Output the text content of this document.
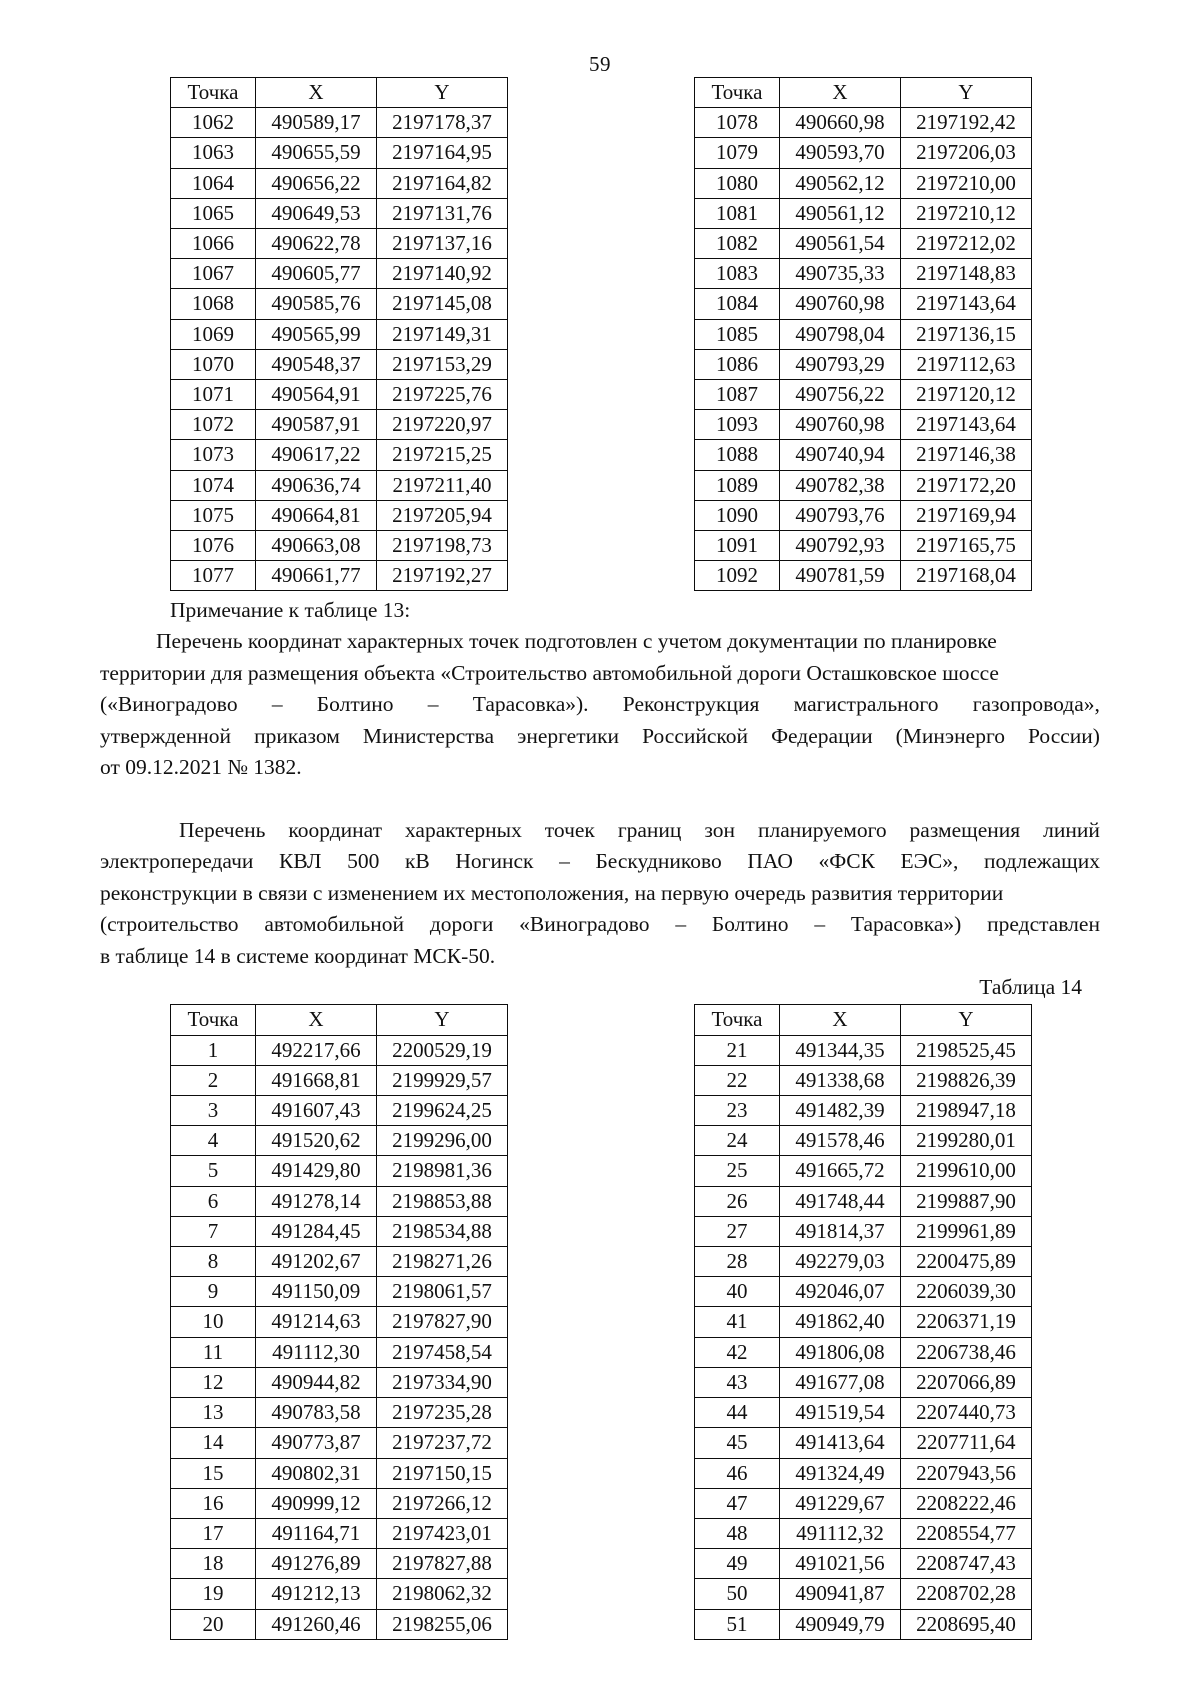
59
Точка	X	Y
1062	490589,17	2197178,37
1063	490655,59	2197164,95
1064	490656,22	2197164,82
1065	490649,53	2197131,76
1066	490622,78	2197137,16
1067	490605,77	2197140,92
1068	490585,76	2197145,08
1069	490565,99	2197149,31
1070	490548,37	2197153,29
1071	490564,91	2197225,76
1072	490587,91	2197220,97
1073	490617,22	2197215,25
1074	490636,74	2197211,40
1075	490664,81	2197205,94
1076	490663,08	2197198,73
1077	490661,77	2197192,27
Точка	X	Y
1078	490660,98	2197192,42
1079	490593,70	2197206,03
1080	490562,12	2197210,00
1081	490561,12	2197210,12
1082	490561,54	2197212,02
1083	490735,33	2197148,83
1084	490760,98	2197143,64
1085	490798,04	2197136,15
1086	490793,29	2197112,63
1087	490756,22	2197120,12
1093	490760,98	2197143,64
1088	490740,94	2197146,38
1089	490782,38	2197172,20
1090	490793,76	2197169,94
1091	490792,93	2197165,75
1092	490781,59	2197168,04
Примечание к таблице 13:
Перечень координат характерных точек подготовлен с учетом документации по планировке
территории для размещения объекта «Строительство автомобильной дороги Осташковское шоссе
(«Виноградово – Болтино – Тарасовка»). Реконструкция магистрального газопровода»,
утвержденной приказом Министерства энергетики Российской Федерации (Минэнерго России)
от 09.12.2021 № 1382.
Перечень координат характерных точек границ зон планируемого размещения линий
электропередачи КВЛ 500 кВ Ногинск – Бескудниково ПАО «ФСК ЕЭС», подлежащих
реконструкции в связи с изменением их местоположения, на первую очередь развития территории
(строительство автомобильной дороги «Виноградово – Болтино – Тарасовка») представлен
в таблице 14 в системе координат МСК-50.
Таблица 14
Точка	X	Y
1	492217,66	2200529,19
2	491668,81	2199929,57
3	491607,43	2199624,25
4	491520,62	2199296,00
5	491429,80	2198981,36
6	491278,14	2198853,88
7	491284,45	2198534,88
8	491202,67	2198271,26
9	491150,09	2198061,57
10	491214,63	2197827,90
11	491112,30	2197458,54
12	490944,82	2197334,90
13	490783,58	2197235,28
14	490773,87	2197237,72
15	490802,31	2197150,15
16	490999,12	2197266,12
17	491164,71	2197423,01
18	491276,89	2197827,88
19	491212,13	2198062,32
20	491260,46	2198255,06
Точка	X	Y
21	491344,35	2198525,45
22	491338,68	2198826,39
23	491482,39	2198947,18
24	491578,46	2199280,01
25	491665,72	2199610,00
26	491748,44	2199887,90
27	491814,37	2199961,89
28	492279,03	2200475,89
40	492046,07	2206039,30
41	491862,40	2206371,19
42	491806,08	2206738,46
43	491677,08	2207066,89
44	491519,54	2207440,73
45	491413,64	2207711,64
46	491324,49	2207943,56
47	491229,67	2208222,46
48	491112,32	2208554,77
49	491021,56	2208747,43
50	490941,87	2208702,28
51	490949,79	2208695,40
